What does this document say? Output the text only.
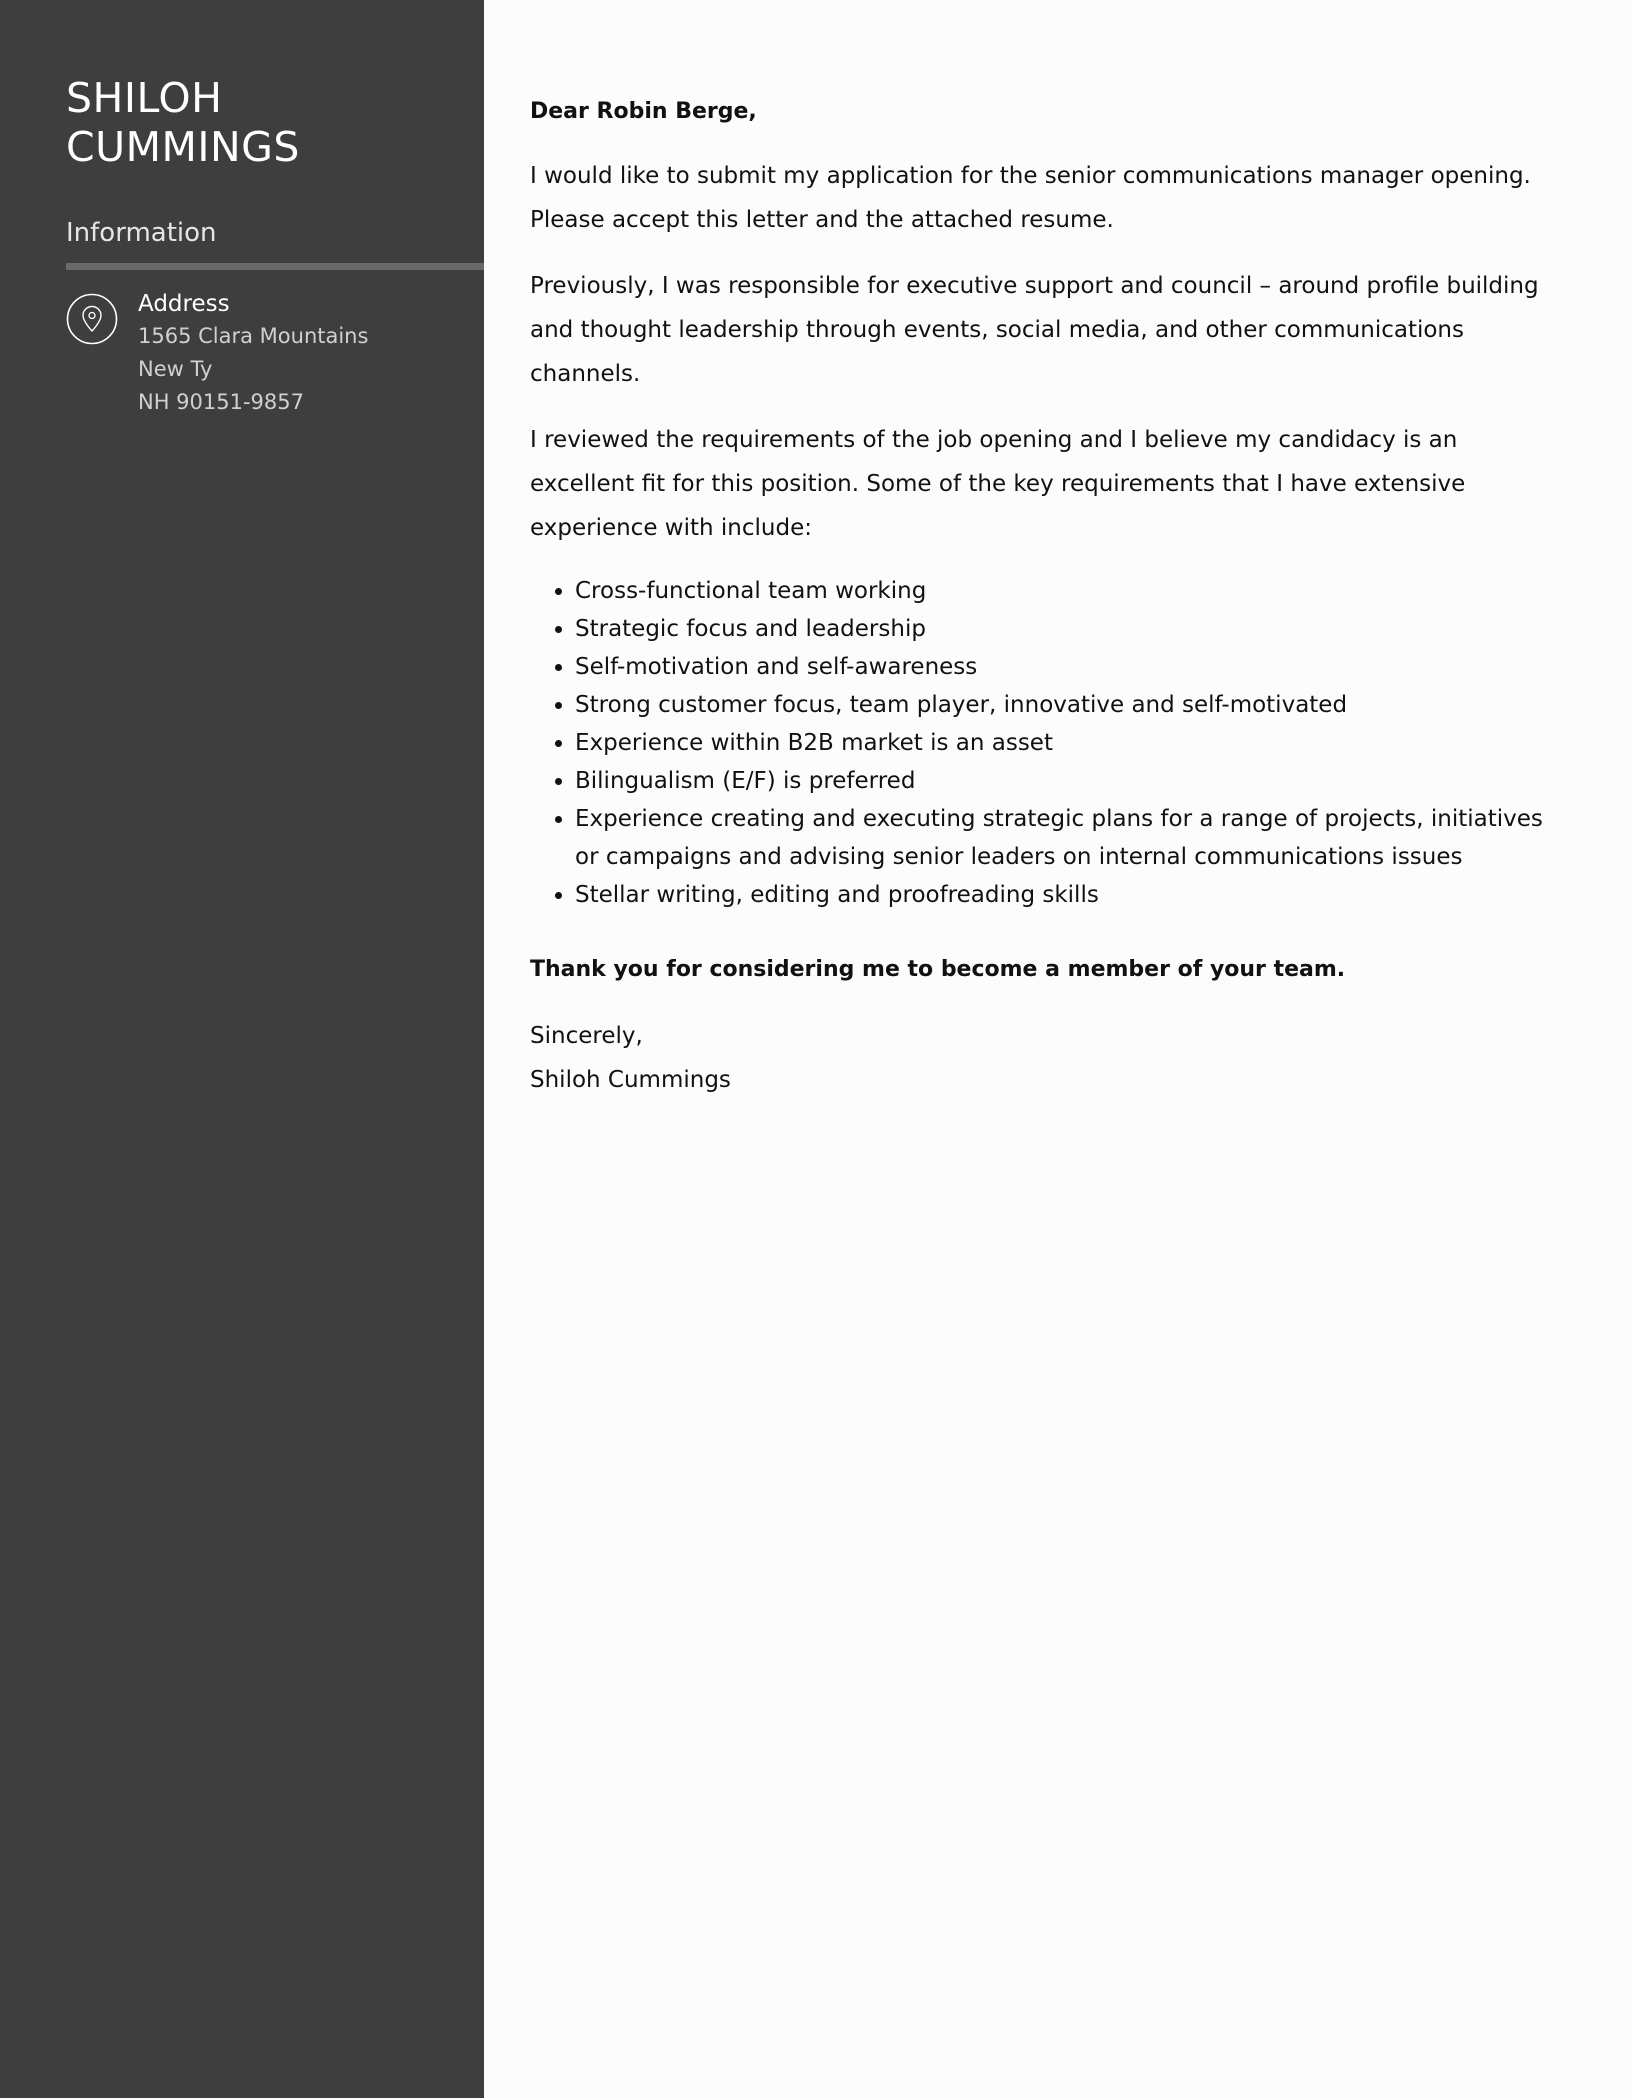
SHILOH
CUMMINGS
Information
Address
1565 Clara Mountains
New Ty
NH 90151-9857

Dear Robin Berge,

I would like to submit my application for the senior communications manager opening. Please accept this letter and the attached resume.

Previously, I was responsible for executive support and council – around profile building and thought leadership through events, social media, and other communications channels.

I reviewed the requirements of the job opening and I believe my candidacy is an excellent fit for this position. Some of the key requirements that I have extensive experience with include:

• Cross-functional team working
• Strategic focus and leadership
• Self-motivation and self-awareness
• Strong customer focus, team player, innovative and self-motivated
• Experience within B2B market is an asset
• Bilingualism (E/F) is preferred
• Experience creating and executing strategic plans for a range of projects, initiatives or campaigns and advising senior leaders on internal communications issues
• Stellar writing, editing and proofreading skills

Thank you for considering me to become a member of your team.

Sincerely,
Shiloh Cummings
